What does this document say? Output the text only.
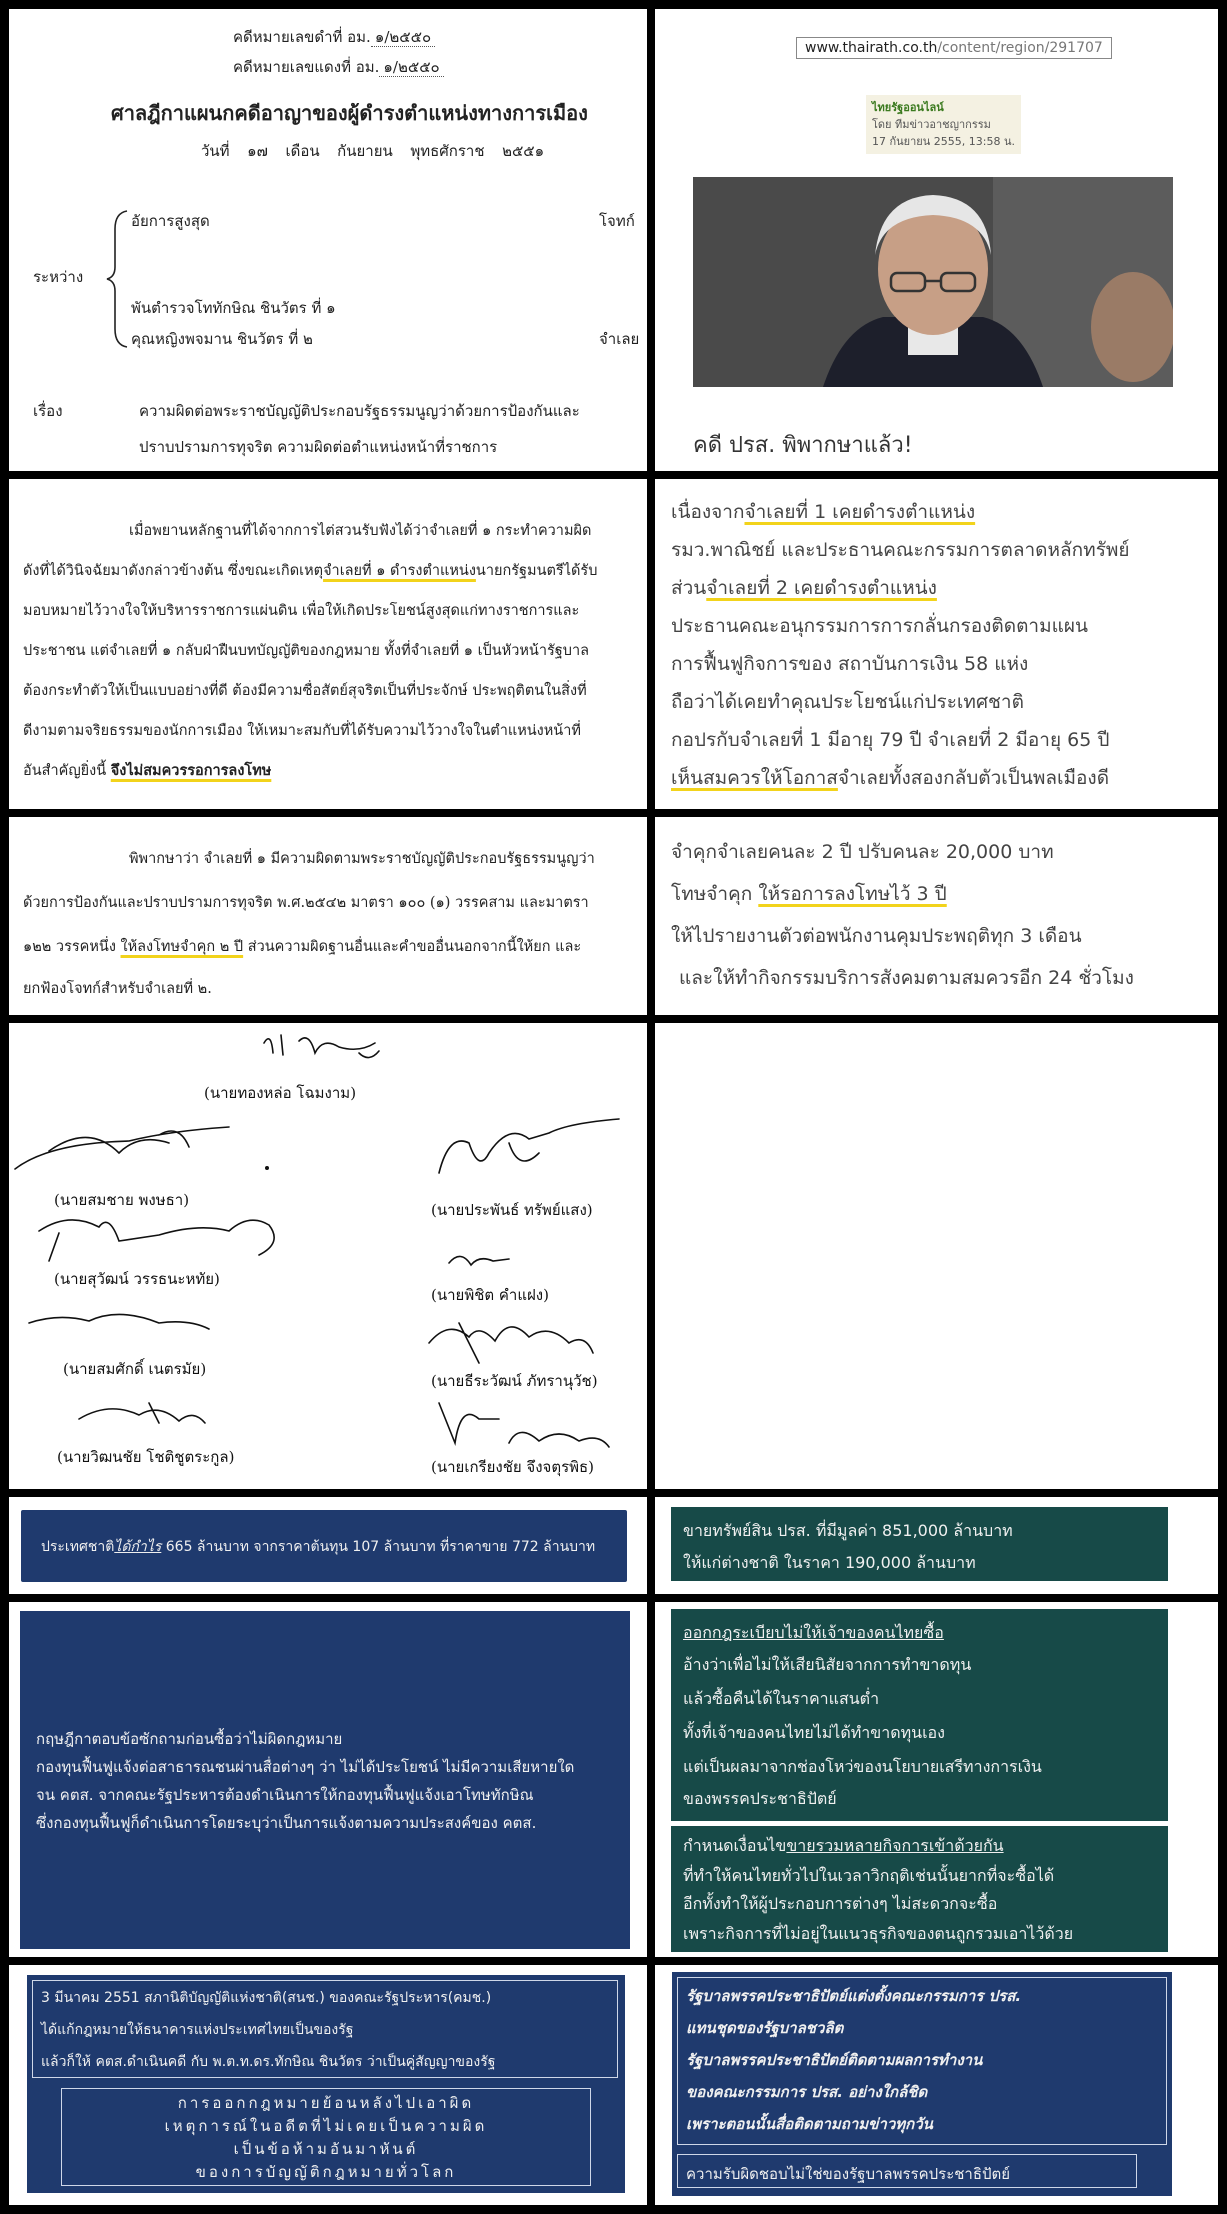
คดีหมายเลขดำที่ อม. ๑/๒๕๕๐

คดีหมายเลขแดงที่ อม. ๑/๒๕๕๐

ศาลฎีกาแผนกคดีอาญาของผู้ดำรงตำแหน่งทางการเมือง

วันที่ ๑๗ เดือน กันยายน พุทธศักราช ๒๕๕๑

อัยการสูงสุด	โจทก์

ระหว่าง

พันตำรวจโททักษิณ ชินวัตร ที่ ๑

คุณหญิงพจมาน ชินวัตร ที่ ๒	จำเลย

เรื่อง	ความผิดต่อพระราชบัญญัติประกอบรัฐธรรมนูญว่าด้วยการป้องกันและ

ปราบปรามการทุจริต ความผิดต่อตำแหน่งหน้าที่ราชการ

www.thairath.co.th/content/region/291707
ไทยรัฐออนไลน์
โดย ทีมข่าวอาชญากรรม
17 กันยายน 2555, 13:58 น.

คดี ปรส. พิพากษาแล้ว!

เมื่อพยานหลักฐานที่ได้จากการไต่สวนรับฟังได้ว่าจำเลยที่ ๑ กระทำความผิด

ดังที่ได้วินิจฉัยมาดังกล่าวข้างต้น ซึ่งขณะเกิดเหตุจำเลยที่ ๑ ดำรงตำแหน่งนายกรัฐมนตรีได้รับ

มอบหมายไว้วางใจให้บริหารราชการแผ่นดิน เพื่อให้เกิดประโยชน์สูงสุดแก่ทางราชการและ

ประชาชน แต่จำเลยที่ ๑ กลับฝ่าฝืนบทบัญญัติของกฎหมาย ทั้งที่จำเลยที่ ๑ เป็นหัวหน้ารัฐบาล

ต้องกระทำตัวให้เป็นแบบอย่างที่ดี ต้องมีความซื่อสัตย์สุจริตเป็นที่ประจักษ์ ประพฤติตนในสิ่งที่

ดีงามตามจริยธรรมของนักการเมือง ให้เหมาะสมกับที่ได้รับความไว้วางใจในตำแหน่งหน้าที่

อันสำคัญยิ่งนี้ จึงไม่สมควรรอการลงโทษ

เนื่องจากจำเลยที่ 1 เคยดำรงตำแหน่ง

รมว.พาณิชย์ และประธานคณะกรรมการตลาดหลักทรัพย์

ส่วนจำเลยที่ 2 เคยดำรงตำแหน่ง

ประธานคณะอนุกรรมการการกลั่นกรองติดตามแผน

การฟื้นฟูกิจการของ สถาบันการเงิน 58 แห่ง

ถือว่าได้เคยทำคุณประโยชน์แก่ประเทศชาติ

กอปรกับจำเลยที่ 1 มีอายุ 79 ปี จำเลยที่ 2 มีอายุ 65 ปี

เห็นสมควรให้โอกาสจำเลยทั้งสองกลับตัวเป็นพลเมืองดี

พิพากษาว่า จำเลยที่ ๑ มีความผิดตามพระราชบัญญัติประกอบรัฐธรรมนูญว่า

ด้วยการป้องกันและปราบปรามการทุจริต พ.ศ.๒๕๔๒ มาตรา ๑๐๐ (๑) วรรคสาม และมาตรา

๑๒๒ วรรคหนึ่ง ให้ลงโทษจำคุก ๒ ปี ส่วนความผิดฐานอื่นและคำขออื่นนอกจากนี้ให้ยก และ

ยกฟ้องโจทก์สำหรับจำเลยที่ ๒.

จำคุกจำเลยคนละ 2 ปี ปรับคนละ 20,000 บาท

โทษจำคุก ให้รอการลงโทษไว้ 3 ปี

ให้ไปรายงานตัวต่อพนักงานคุมประพฤติทุก 3 เดือน

และให้ทำกิจกรรมบริการสังคมตามสมควรอีก 24 ชั่วโมง

(นายทองหล่อ โฉมงาม)
(นายสมชาย พงษธา)
(นายประพันธ์ ทรัพย์แสง)
(นายสุวัฒน์ วรรธนะหทัย)
(นายพิชิต คำแฝง)
(นายสมศักดิ์ เนตรมัย)
(นายธีระวัฒน์ ภัทรานุวัช)
(นายวิฒนชัย โชติชูตระกูล)
(นายเกรียงชัย จึงจตุรพิธ)

ประเทศชาติได้กำไร 665 ล้านบาท จากราคาต้นทุน 107 ล้านบาท ที่ราคาขาย 772 ล้านบาท

ขายทรัพย์สิน ปรส. ที่มีมูลค่า 851,000 ล้านบาท

ให้แก่ต่างชาติ ในราคา 190,000 ล้านบาท

กฤษฎีกาตอบข้อซักถามก่อนซื้อว่าไม่ผิดกฎหมาย

กองทุนฟื้นฟูแจ้งต่อสาธารณชนผ่านสื่อต่างๆ ว่า ไม่ได้ประโยชน์ ไม่มีความเสียหายใด

จน คตส. จากคณะรัฐประหารต้องดำเนินการให้กองทุนฟื้นฟูแจ้งเอาโทษทักษิณ

ซึ่งกองทุนฟื้นฟูก็ดำเนินการโดยระบุว่าเป็นการแจ้งตามความประสงค์ของ คตส.

ออกกฎระเบียบไม่ให้เจ้าของคนไทยซื้อ

อ้างว่าเพื่อไม่ให้เสียนิสัยจากการทำขาดทุน

แล้วซื้อคืนได้ในราคาแสนต่ำ

ทั้งที่เจ้าของคนไทยไม่ได้ทำขาดทุนเอง

แต่เป็นผลมาจากช่องโหว่ของนโยบายเสรีทางการเงิน

ของพรรคประชาธิปัตย์

กำหนดเงื่อนไขขายรวมหลายกิจการเข้าด้วยกัน

ที่ทำให้คนไทยทั่วไปในเวลาวิกฤติเช่นนั้นยากที่จะซื้อได้

อีกทั้งทำให้ผู้ประกอบการต่างๆ ไม่สะดวกจะซื้อ

เพราะกิจการที่ไม่อยู่ในแนวธุรกิจของตนถูกรวมเอาไว้ด้วย

3 มีนาคม 2551 สภานิติบัญญัติแห่งชาติ(สนช.) ของคณะรัฐประหาร(คมช.)

ได้แก้กฎหมายให้ธนาคารแห่งประเทศไทยเป็นของรัฐ

แล้วก็ให้ คตส.ดำเนินคดี กับ พ.ต.ท.ดร.ทักษิณ ชินวัตร ว่าเป็นคู่สัญญาของรัฐ

การออกกฎหมายย้อนหลังไปเอาผิด
เหตุการณ์ในอดีตที่ไม่เคยเป็นความผิด
เป็นข้อห้ามอันมาหันต์
ของการบัญญัติกฎหมายทั่วโลก

รัฐบาลพรรคประชาธิปัตย์แต่งตั้งคณะกรรมการ ปรส.

แทนชุดของรัฐบาลชวลิต

รัฐบาลพรรคประชาธิปัตย์ติดตามผลการทำงาน

ของคณะกรรมการ ปรส. อย่างใกล้ชิด

เพราะตอนนั้นสื่อติดตามถามข่าวทุกวัน

ความรับผิดชอบไม่ใช่ของรัฐบาลพรรคประชาธิปัตย์
